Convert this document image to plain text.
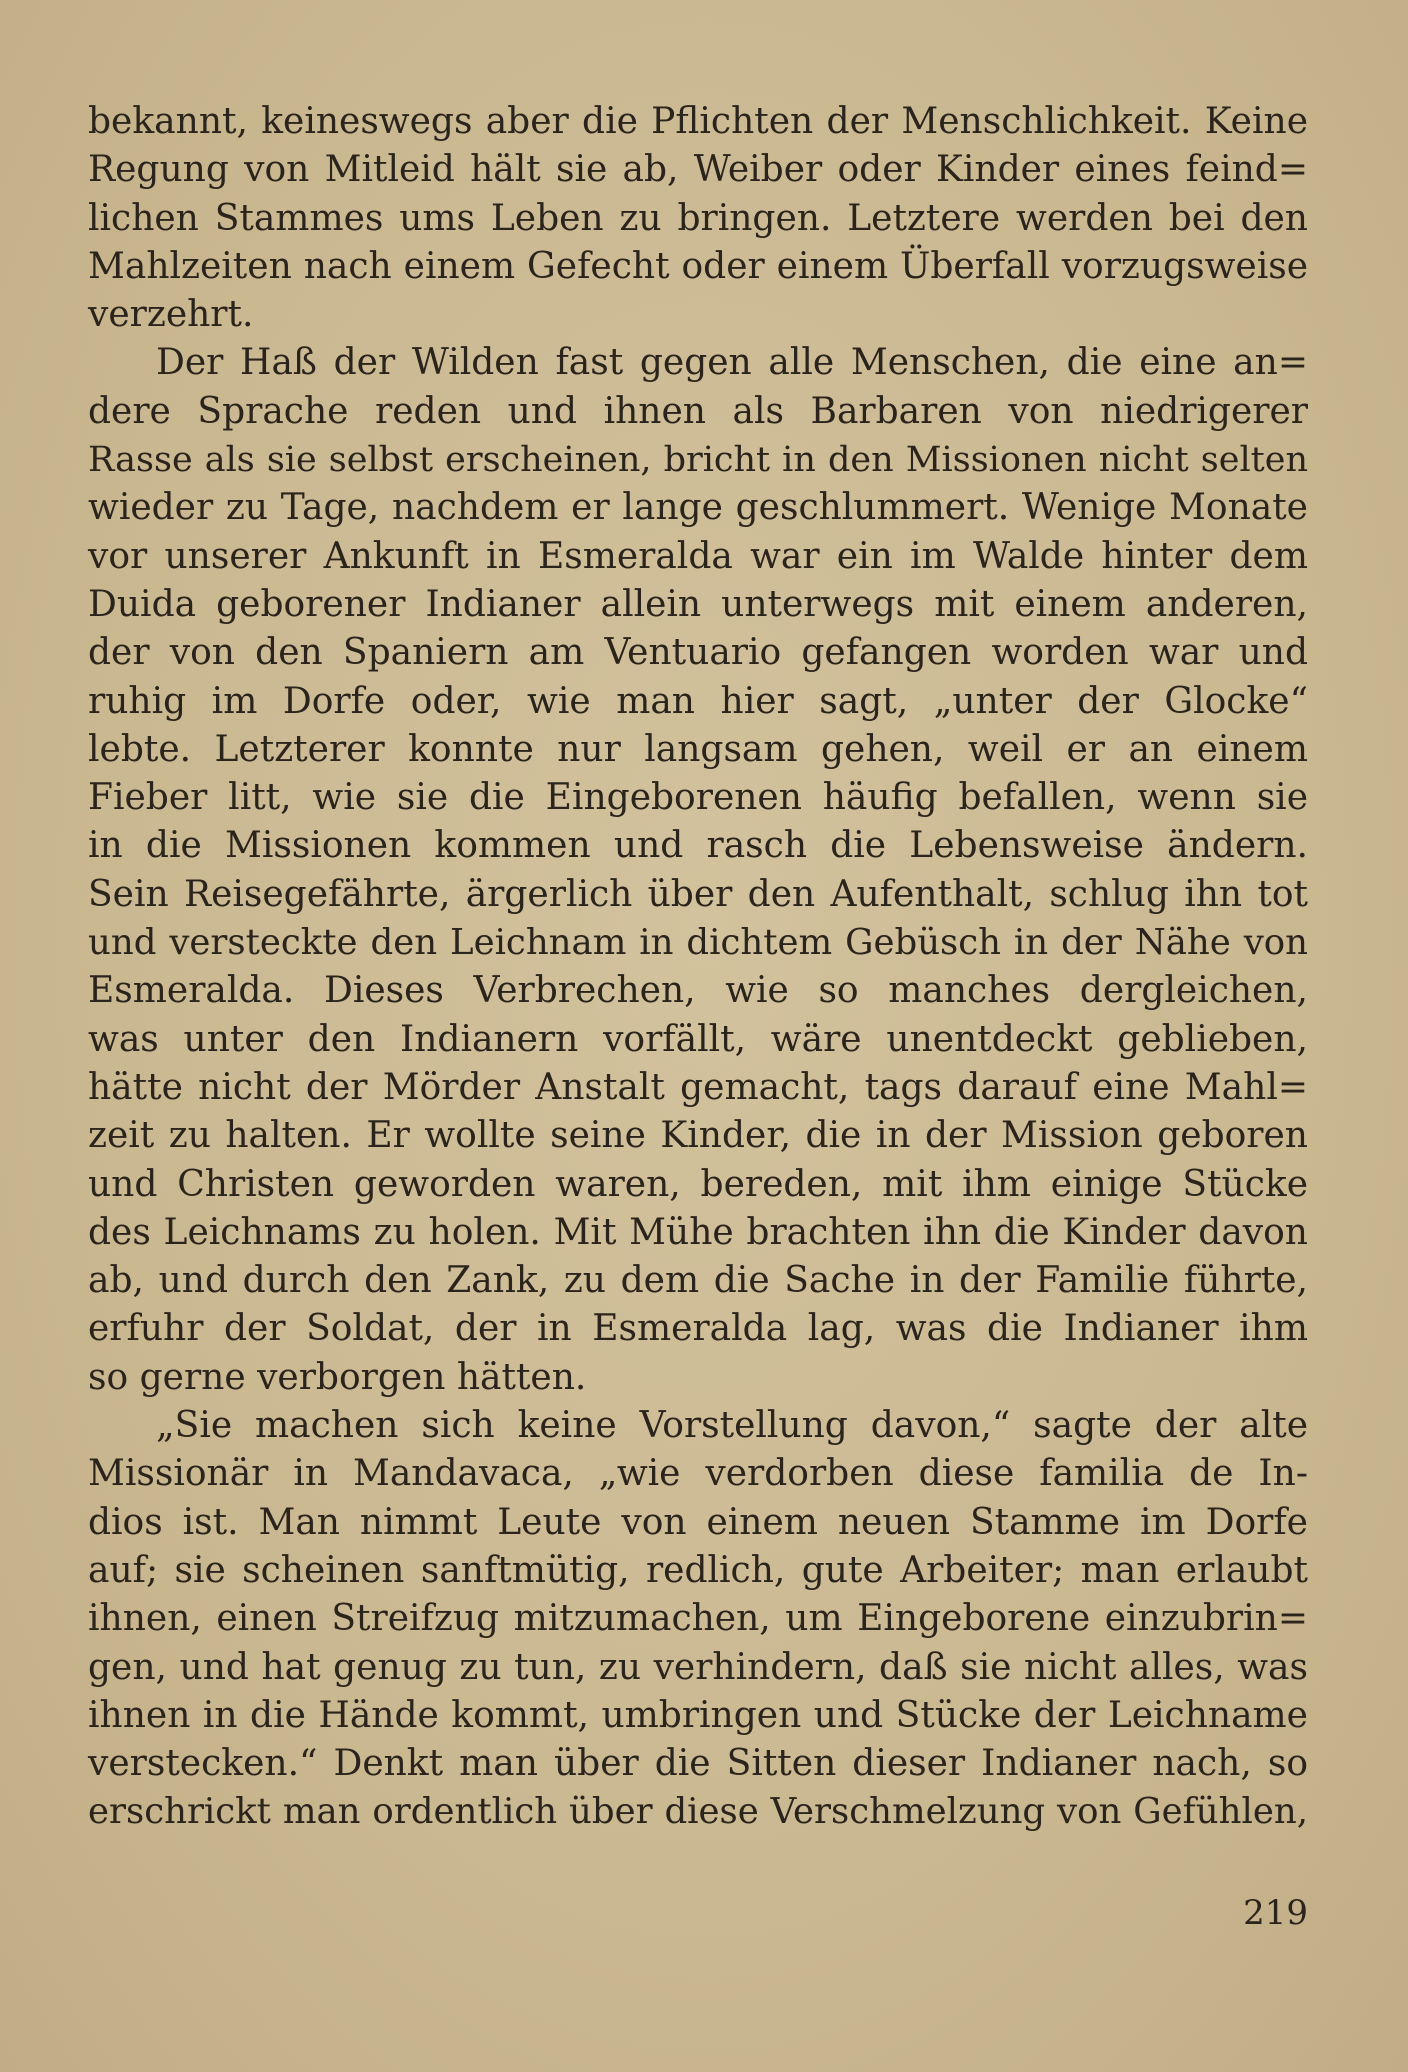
bekannt, keineswegs aber die Pflichten der Menschlichkeit. Keine
Regung von Mitleid hält sie ab, Weiber oder Kinder eines feind=
lichen Stammes ums Leben zu bringen. Letztere werden bei den
Mahlzeiten nach einem Gefecht oder einem Überfall vorzugsweise
verzehrt.
Der Haß der Wilden fast gegen alle Menschen, die eine an=
dere Sprache reden und ihnen als Barbaren von niedrigerer
Rasse als sie selbst erscheinen, bricht in den Missionen nicht selten
wieder zu Tage, nachdem er lange geschlummert. Wenige Monate
vor unserer Ankunft in Esmeralda war ein im Walde hinter dem
Duida geborener Indianer allein unterwegs mit einem anderen,
der von den Spaniern am Ventuario gefangen worden war und
ruhig im Dorfe oder, wie man hier sagt, „unter der Glocke“
lebte. Letzterer konnte nur langsam gehen, weil er an einem
Fieber litt, wie sie die Eingeborenen häufig befallen, wenn sie
in die Missionen kommen und rasch die Lebensweise ändern.
Sein Reisegefährte, ärgerlich über den Aufenthalt, schlug ihn tot
und versteckte den Leichnam in dichtem Gebüsch in der Nähe von
Esmeralda. Dieses Verbrechen, wie so manches dergleichen,
was unter den Indianern vorfällt, wäre unentdeckt geblieben,
hätte nicht der Mörder Anstalt gemacht, tags darauf eine Mahl=
zeit zu halten. Er wollte seine Kinder, die in der Mission geboren
und Christen geworden waren, bereden, mit ihm einige Stücke
des Leichnams zu holen. Mit Mühe brachten ihn die Kinder davon
ab, und durch den Zank, zu dem die Sache in der Familie führte,
erfuhr der Soldat, der in Esmeralda lag, was die Indianer ihm
so gerne verborgen hätten.
„Sie machen sich keine Vorstellung davon,“ sagte der alte
Missionär in Mandavaca, „wie verdorben diese familia de In-
dios ist. Man nimmt Leute von einem neuen Stamme im Dorfe
auf; sie scheinen sanftmütig, redlich, gute Arbeiter; man erlaubt
ihnen, einen Streifzug mitzumachen, um Eingeborene einzubrin=
gen, und hat genug zu tun, zu verhindern, daß sie nicht alles, was
ihnen in die Hände kommt, umbringen und Stücke der Leichname
verstecken.“ Denkt man über die Sitten dieser Indianer nach, so
erschrickt man ordentlich über diese Verschmelzung von Gefühlen,
219
